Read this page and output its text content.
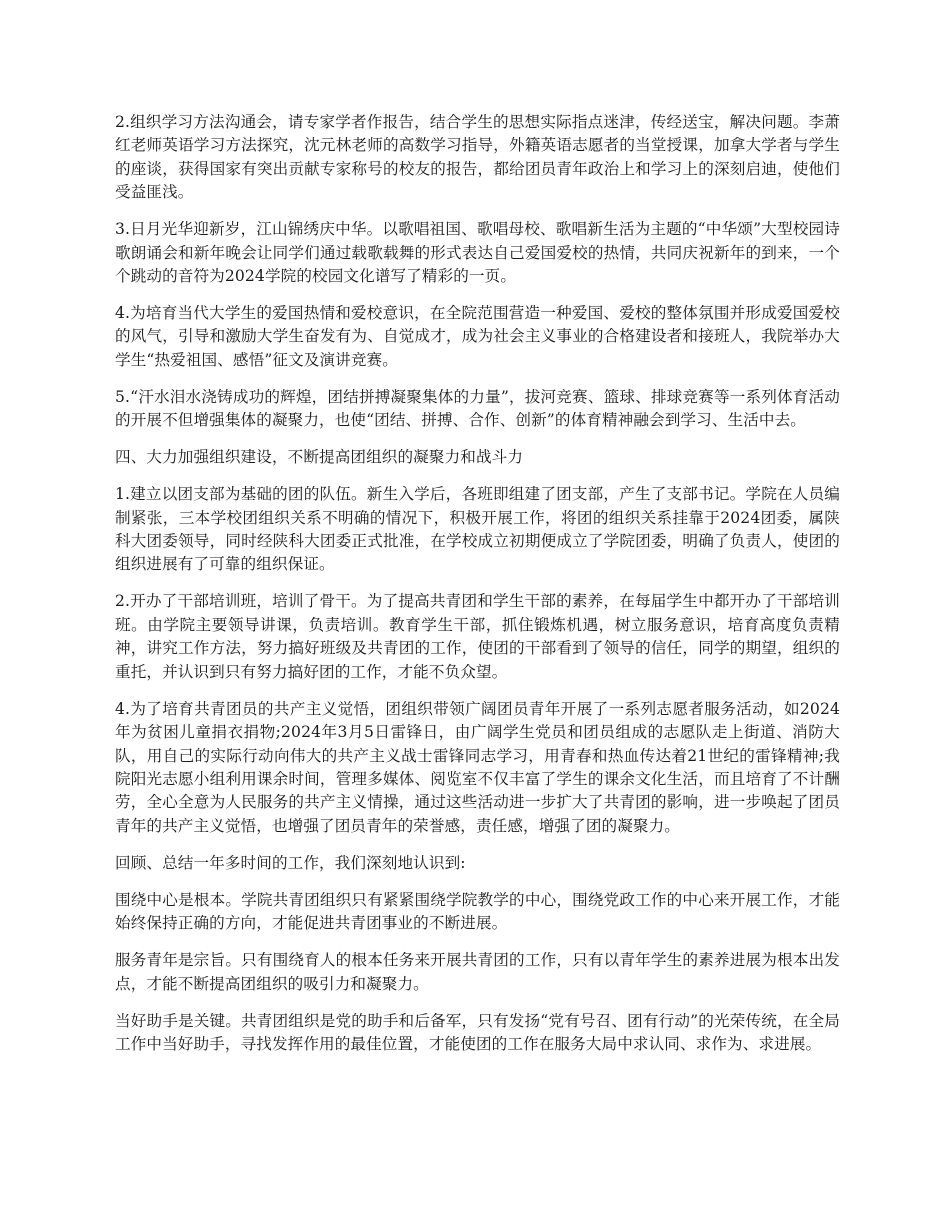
2.组织学习方法沟通会，请专家学者作报告，结合学生的思想实际指点迷津，传经送宝，解决问题。李萧红老师英语学习方法探究，沈元林老师的高数学习指导，外籍英语志愿者的当堂授课，加拿大学者与学生的座谈，获得国家有突出贡献专家称号的校友的报告，都给团员青年政治上和学习上的深刻启迪，使他们受益匪浅。

3.日月光华迎新岁，江山锦绣庆中华。以歌唱祖国、歌唱母校、歌唱新生活为主题的“中华颂”大型校园诗歌朗诵会和新年晚会让同学们通过载歌载舞的形式表达自己爱国爱校的热情，共同庆祝新年的到来，一个个跳动的音符为2024学院的校园文化谱写了精彩的一页。

4.为培育当代大学生的爱国热情和爱校意识，在全院范围营造一种爱国、爱校的整体氛围并形成爱国爱校的风气，引导和激励大学生奋发有为、自觉成才，成为社会主义事业的合格建设者和接班人，我院举办大学生“热爱祖国、感悟”征文及演讲竞赛。

5.“汗水泪水浇铸成功的辉煌，团结拼搏凝聚集体的力量”，拔河竞赛、篮球、排球竞赛等一系列体育活动的开展不但增强集体的凝聚力，也使“团结、拼搏、合作、创新”的体育精神融会到学习、生活中去。

四、大力加强组织建设，不断提高团组织的凝聚力和战斗力

1.建立以团支部为基础的团的队伍。新生入学后，各班即组建了团支部，产生了支部书记。学院在人员编制紧张，三本学校团组织关系不明确的情况下，积极开展工作，将团的组织关系挂靠于2024团委，属陕科大团委领导，同时经陕科大团委正式批准，在学校成立初期便成立了学院团委，明确了负责人，使团的组织进展有了可靠的组织保证。

2.开办了干部培训班，培训了骨干。为了提高共青团和学生干部的素养，在每届学生中都开办了干部培训班。由学院主要领导讲课，负责培训。教育学生干部，抓住锻炼机遇，树立服务意识，培育高度负责精神，讲究工作方法，努力搞好班级及共青团的工作，使团的干部看到了领导的信任，同学的期望，组织的重托，并认识到只有努力搞好团的工作，才能不负众望。

4.为了培育共青团员的共产主义觉悟，团组织带领广阔团员青年开展了一系列志愿者服务活动，如2024年为贫困儿童捐衣捐物;2024年3月5日雷锋日，由广阔学生党员和团员组成的志愿队走上街道、消防大队，用自己的实际行动向伟大的共产主义战士雷锋同志学习，用青春和热血传达着21世纪的雷锋精神;我院阳光志愿小组利用课余时间，管理多媒体、阅览室不仅丰富了学生的课余文化生活，而且培育了不计酬劳，全心全意为人民服务的共产主义情操，通过这些活动进一步扩大了共青团的影响，进一步唤起了团员青年的共产主义觉悟，也增强了团员青年的荣誉感，责任感，增强了团的凝聚力。

回顾、总结一年多时间的工作，我们深刻地认识到:

围绕中心是根本。学院共青团组织只有紧紧围绕学院教学的中心，围绕党政工作的中心来开展工作，才能始终保持正确的方向，才能促进共青团事业的不断进展。

服务青年是宗旨。只有围绕育人的根本任务来开展共青团的工作，只有以青年学生的素养进展为根本出发点，才能不断提高团组织的吸引力和凝聚力。

当好助手是关键。共青团组织是党的助手和后备军，只有发扬“党有号召、团有行动”的光荣传统，在全局工作中当好助手，寻找发挥作用的最佳位置，才能使团的工作在服务大局中求认同、求作为、求进展。
